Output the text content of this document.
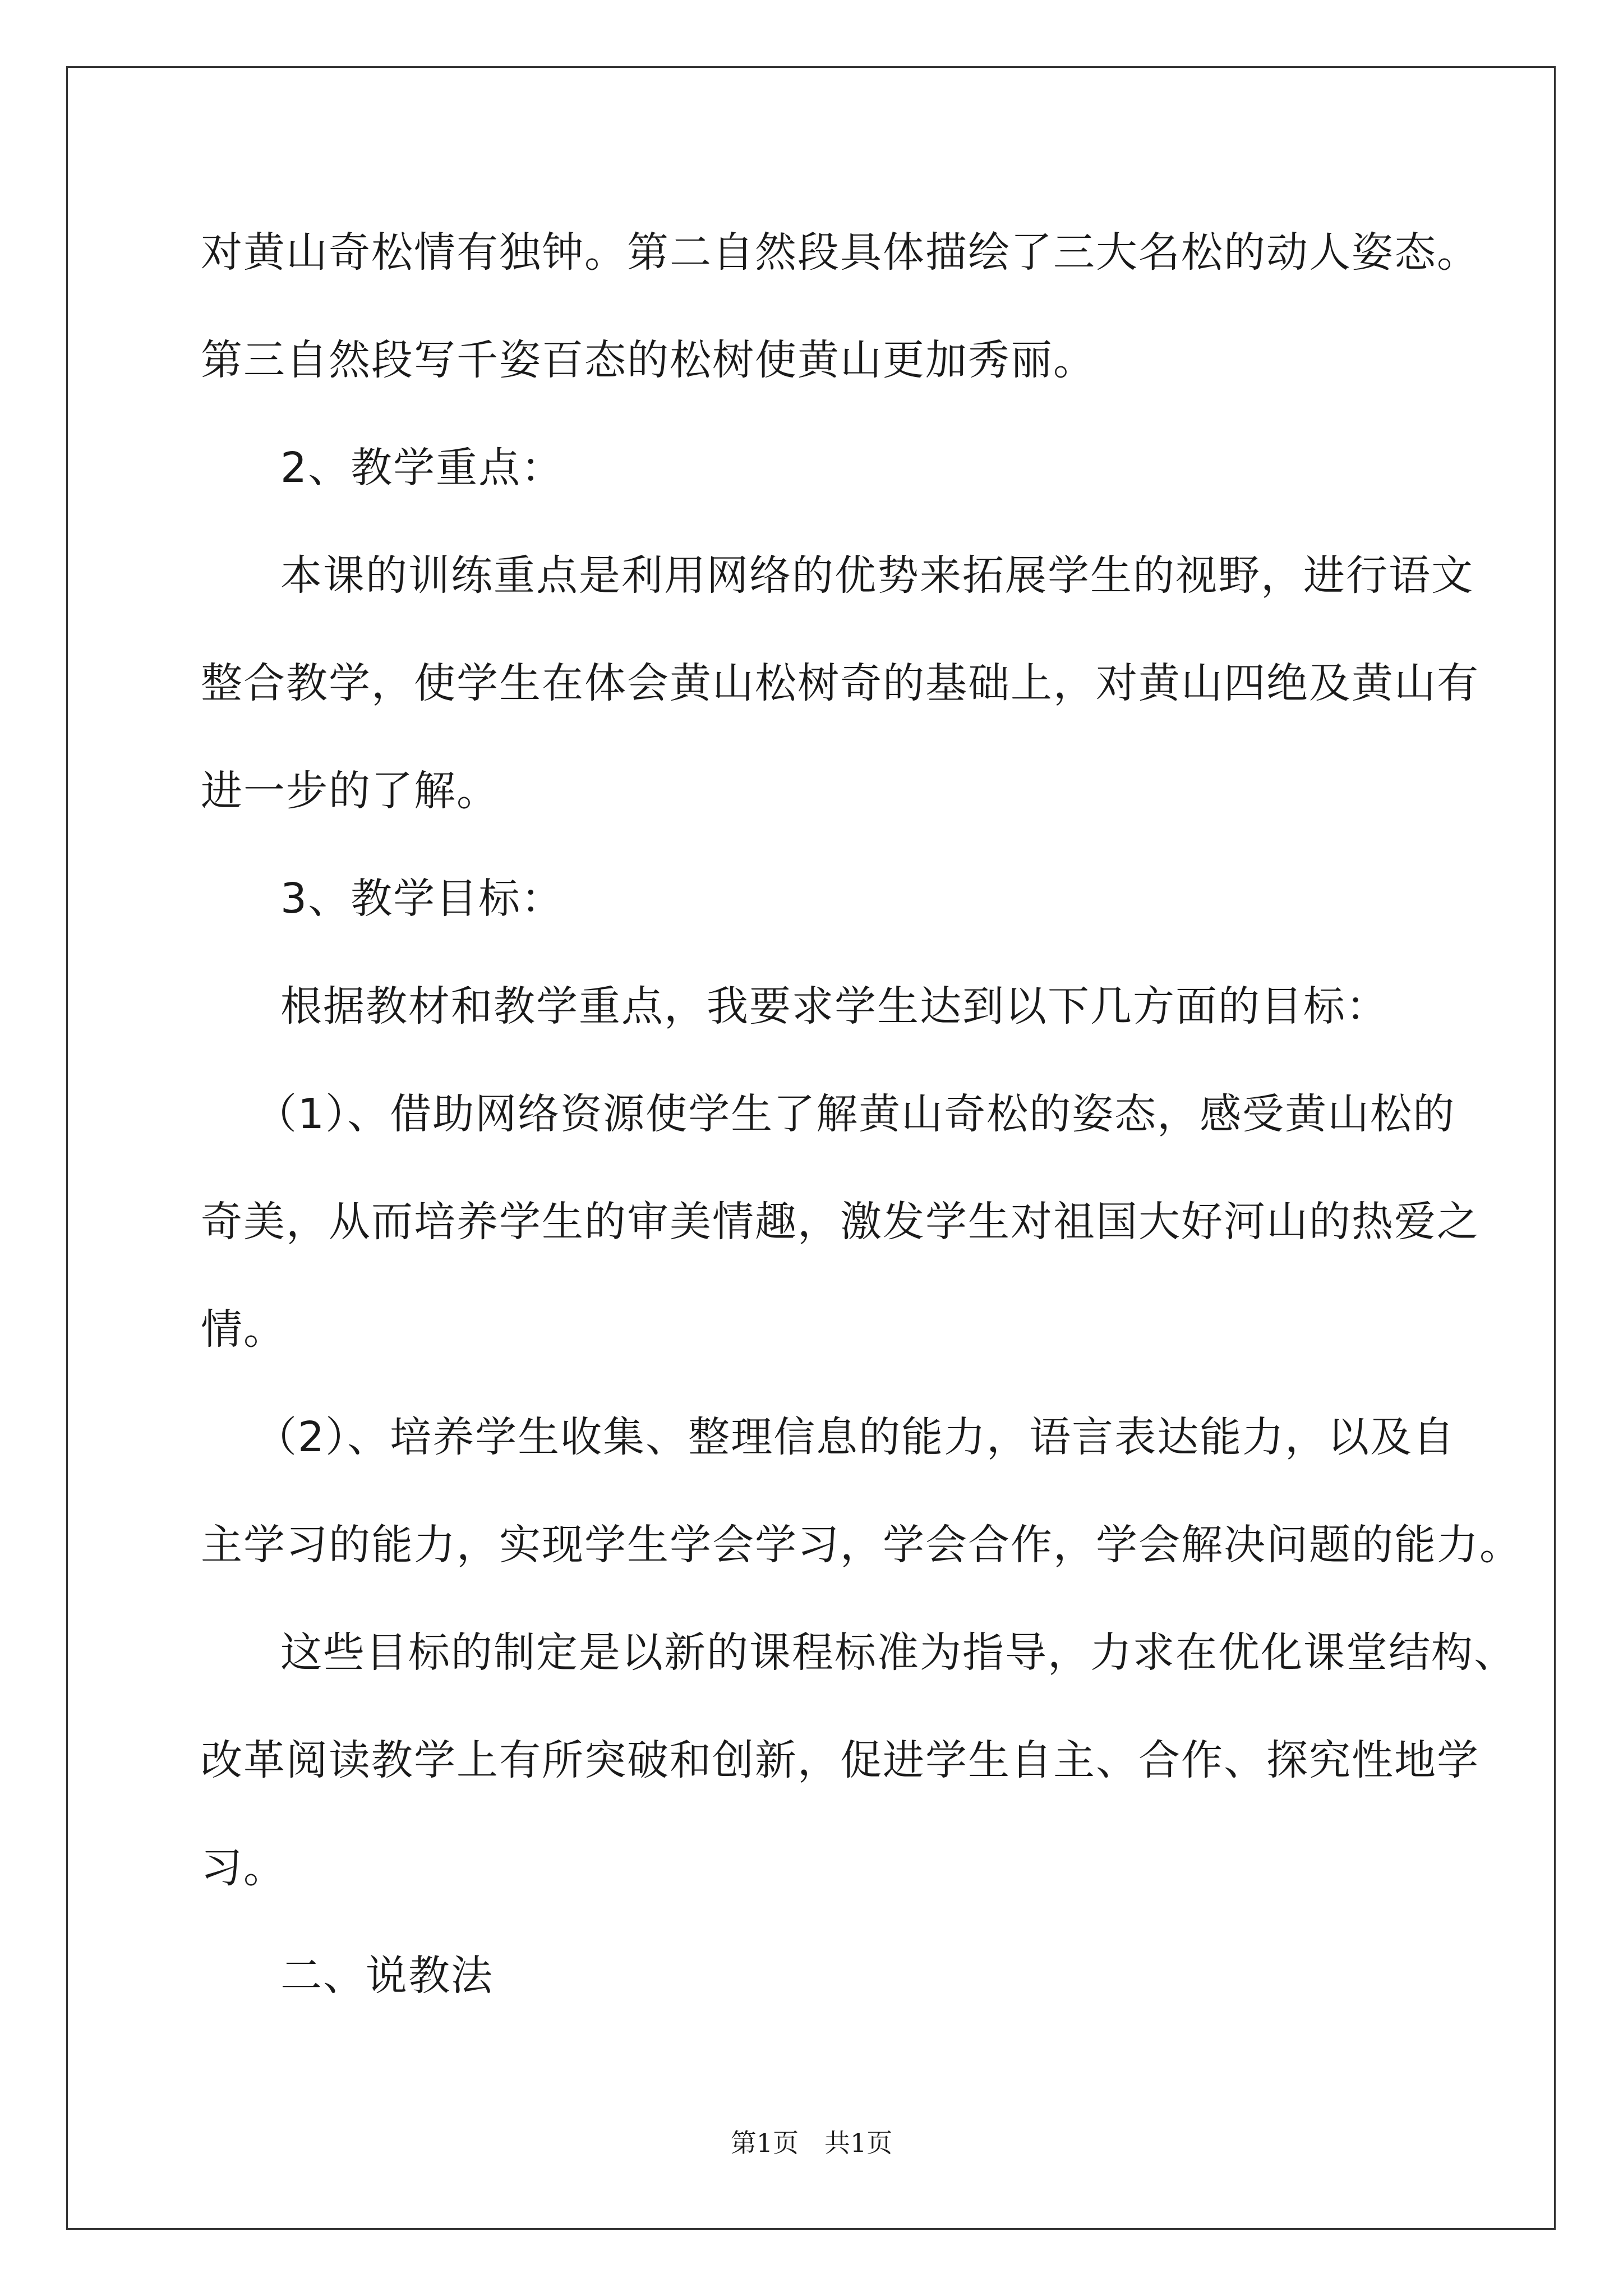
对黄山奇松情有独钟。第二自然段具体描绘了三大名松的动人姿态。
第三自然段写千姿百态的松树使黄山更加秀丽。
2、教学重点：
本课的训练重点是利用网络的优势来拓展学生的视野，进行语文
整合教学，使学生在体会黄山松树奇的基础上，对黄山四绝及黄山有
进一步的了解。
3、教学目标：
根据教材和教学重点，我要求学生达到以下几方面的目标：
（1）、借助网络资源使学生了解黄山奇松的姿态，感受黄山松的
奇美，从而培养学生的审美情趣，激发学生对祖国大好河山的热爱之
情。
（2）、培养学生收集、整理信息的能力，语言表达能力，以及自
主学习的能力，实现学生学会学习，学会合作，学会解决问题的能力。
这些目标的制定是以新的课程标准为指导，力求在优化课堂结构、
改革阅读教学上有所突破和创新，促进学生自主、合作、探究性地学
习。
二、说教法
第1页　共1页
